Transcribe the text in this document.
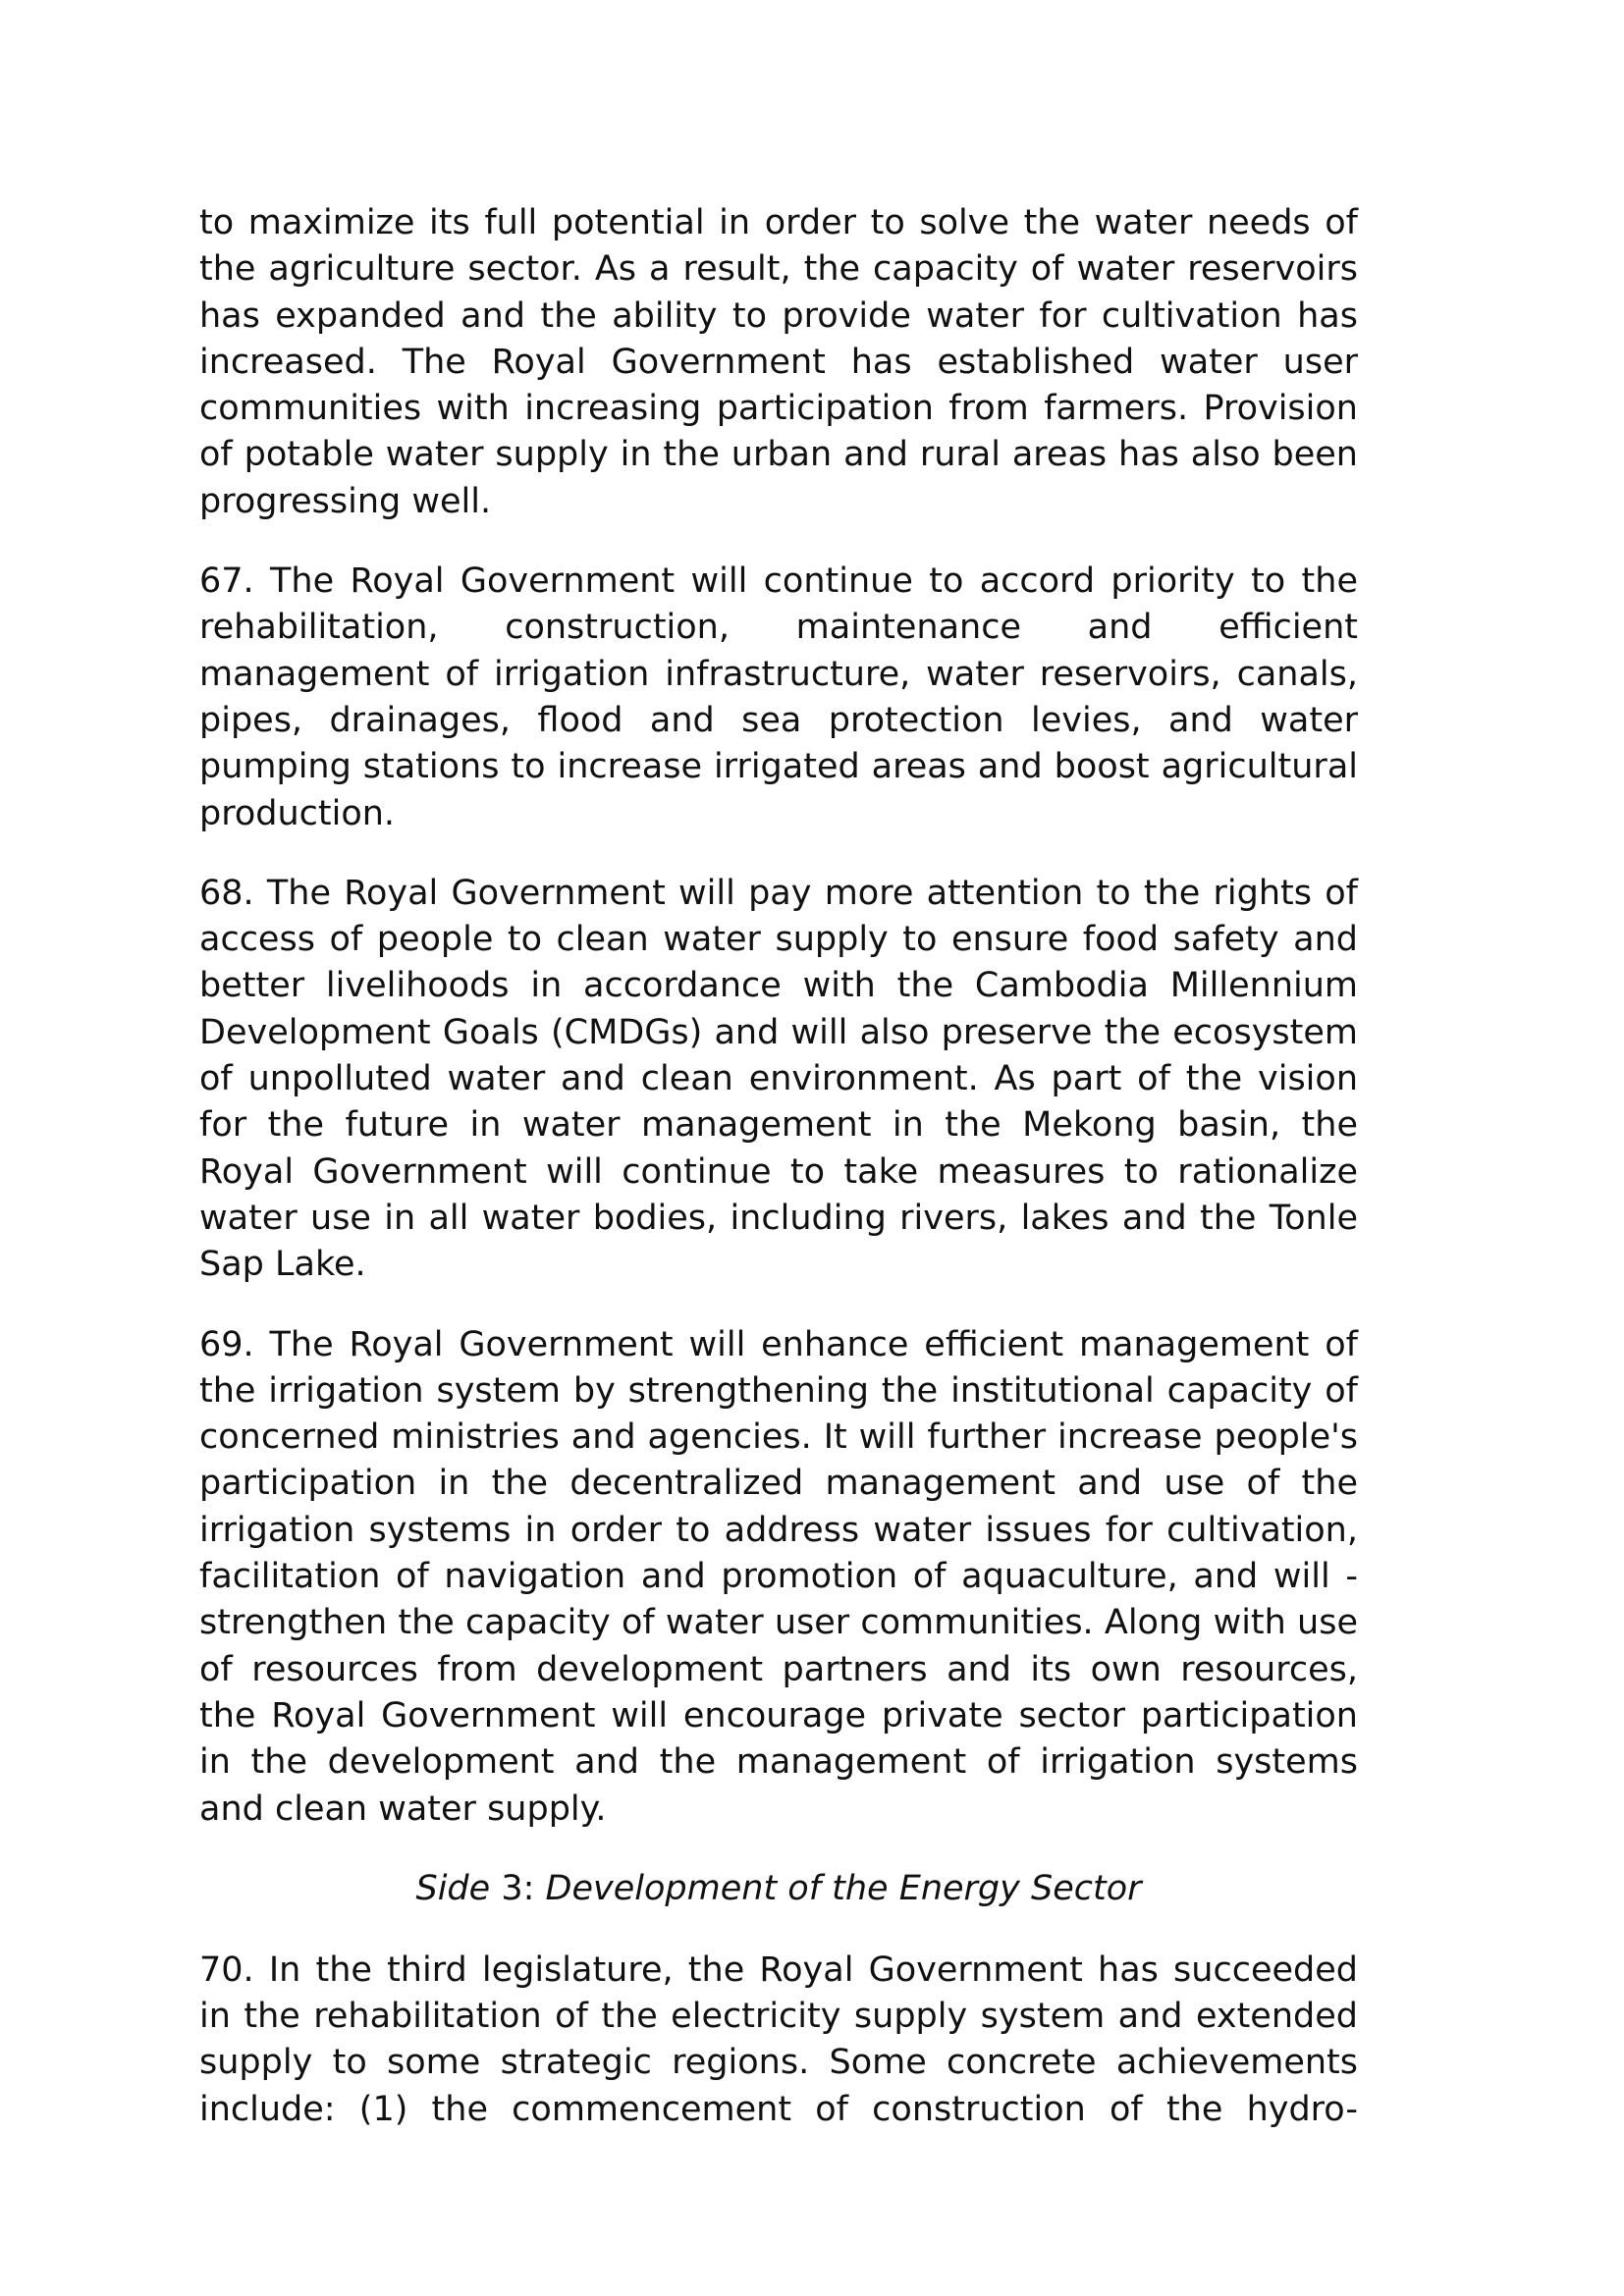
to maximize its full potential in order to solve the water needs of the agriculture sector. As a result, the capacity of water reservoirs has expanded and the ability to provide water for cultivation has increased. The Royal Government has established water user communities with increasing participation from farmers. Provision of potable water supply in the urban and rural areas has also been progressing well.

67. The Royal Government will continue to accord priority to the rehabilitation, construction, maintenance and efficient management of irrigation infrastructure, water reservoirs, canals, pipes, drainages, flood and sea protection levies, and water pumping stations to increase irrigated areas and boost agricultural production.

68. The Royal Government will pay more attention to the rights of access of people to clean water supply to ensure food safety and better livelihoods in accordance with the Cambodia Millennium Development Goals (CMDGs) and will also preserve the ecosystem of unpolluted water and clean environment. As part of the vision for the future in water management in the Mekong basin, the Royal Government will continue to take measures to rationalize water use in all water bodies, including rivers, lakes and the Tonle Sap Lake.

69. The Royal Government will enhance efficient management of the irrigation system by strengthening the institutional capacity of concerned ministries and agencies. It will further increase people's participation in the decentralized management and use of the irrigation systems in order to address water issues for cultivation, facilitation of navigation and promotion of aquaculture, and will -strengthen the capacity of water user communities. Along with use of resources from development partners and its own resources, the Royal Government will encourage private sector participation in the development and the management of irrigation systems and clean water supply.

Side 3: Development of the Energy Sector

70. In the third legislature, the Royal Government has succeeded in the rehabilitation of the electricity supply system and extended supply to some strategic regions. Some concrete achievements include: (1) the commencement of construction of the hydro-
